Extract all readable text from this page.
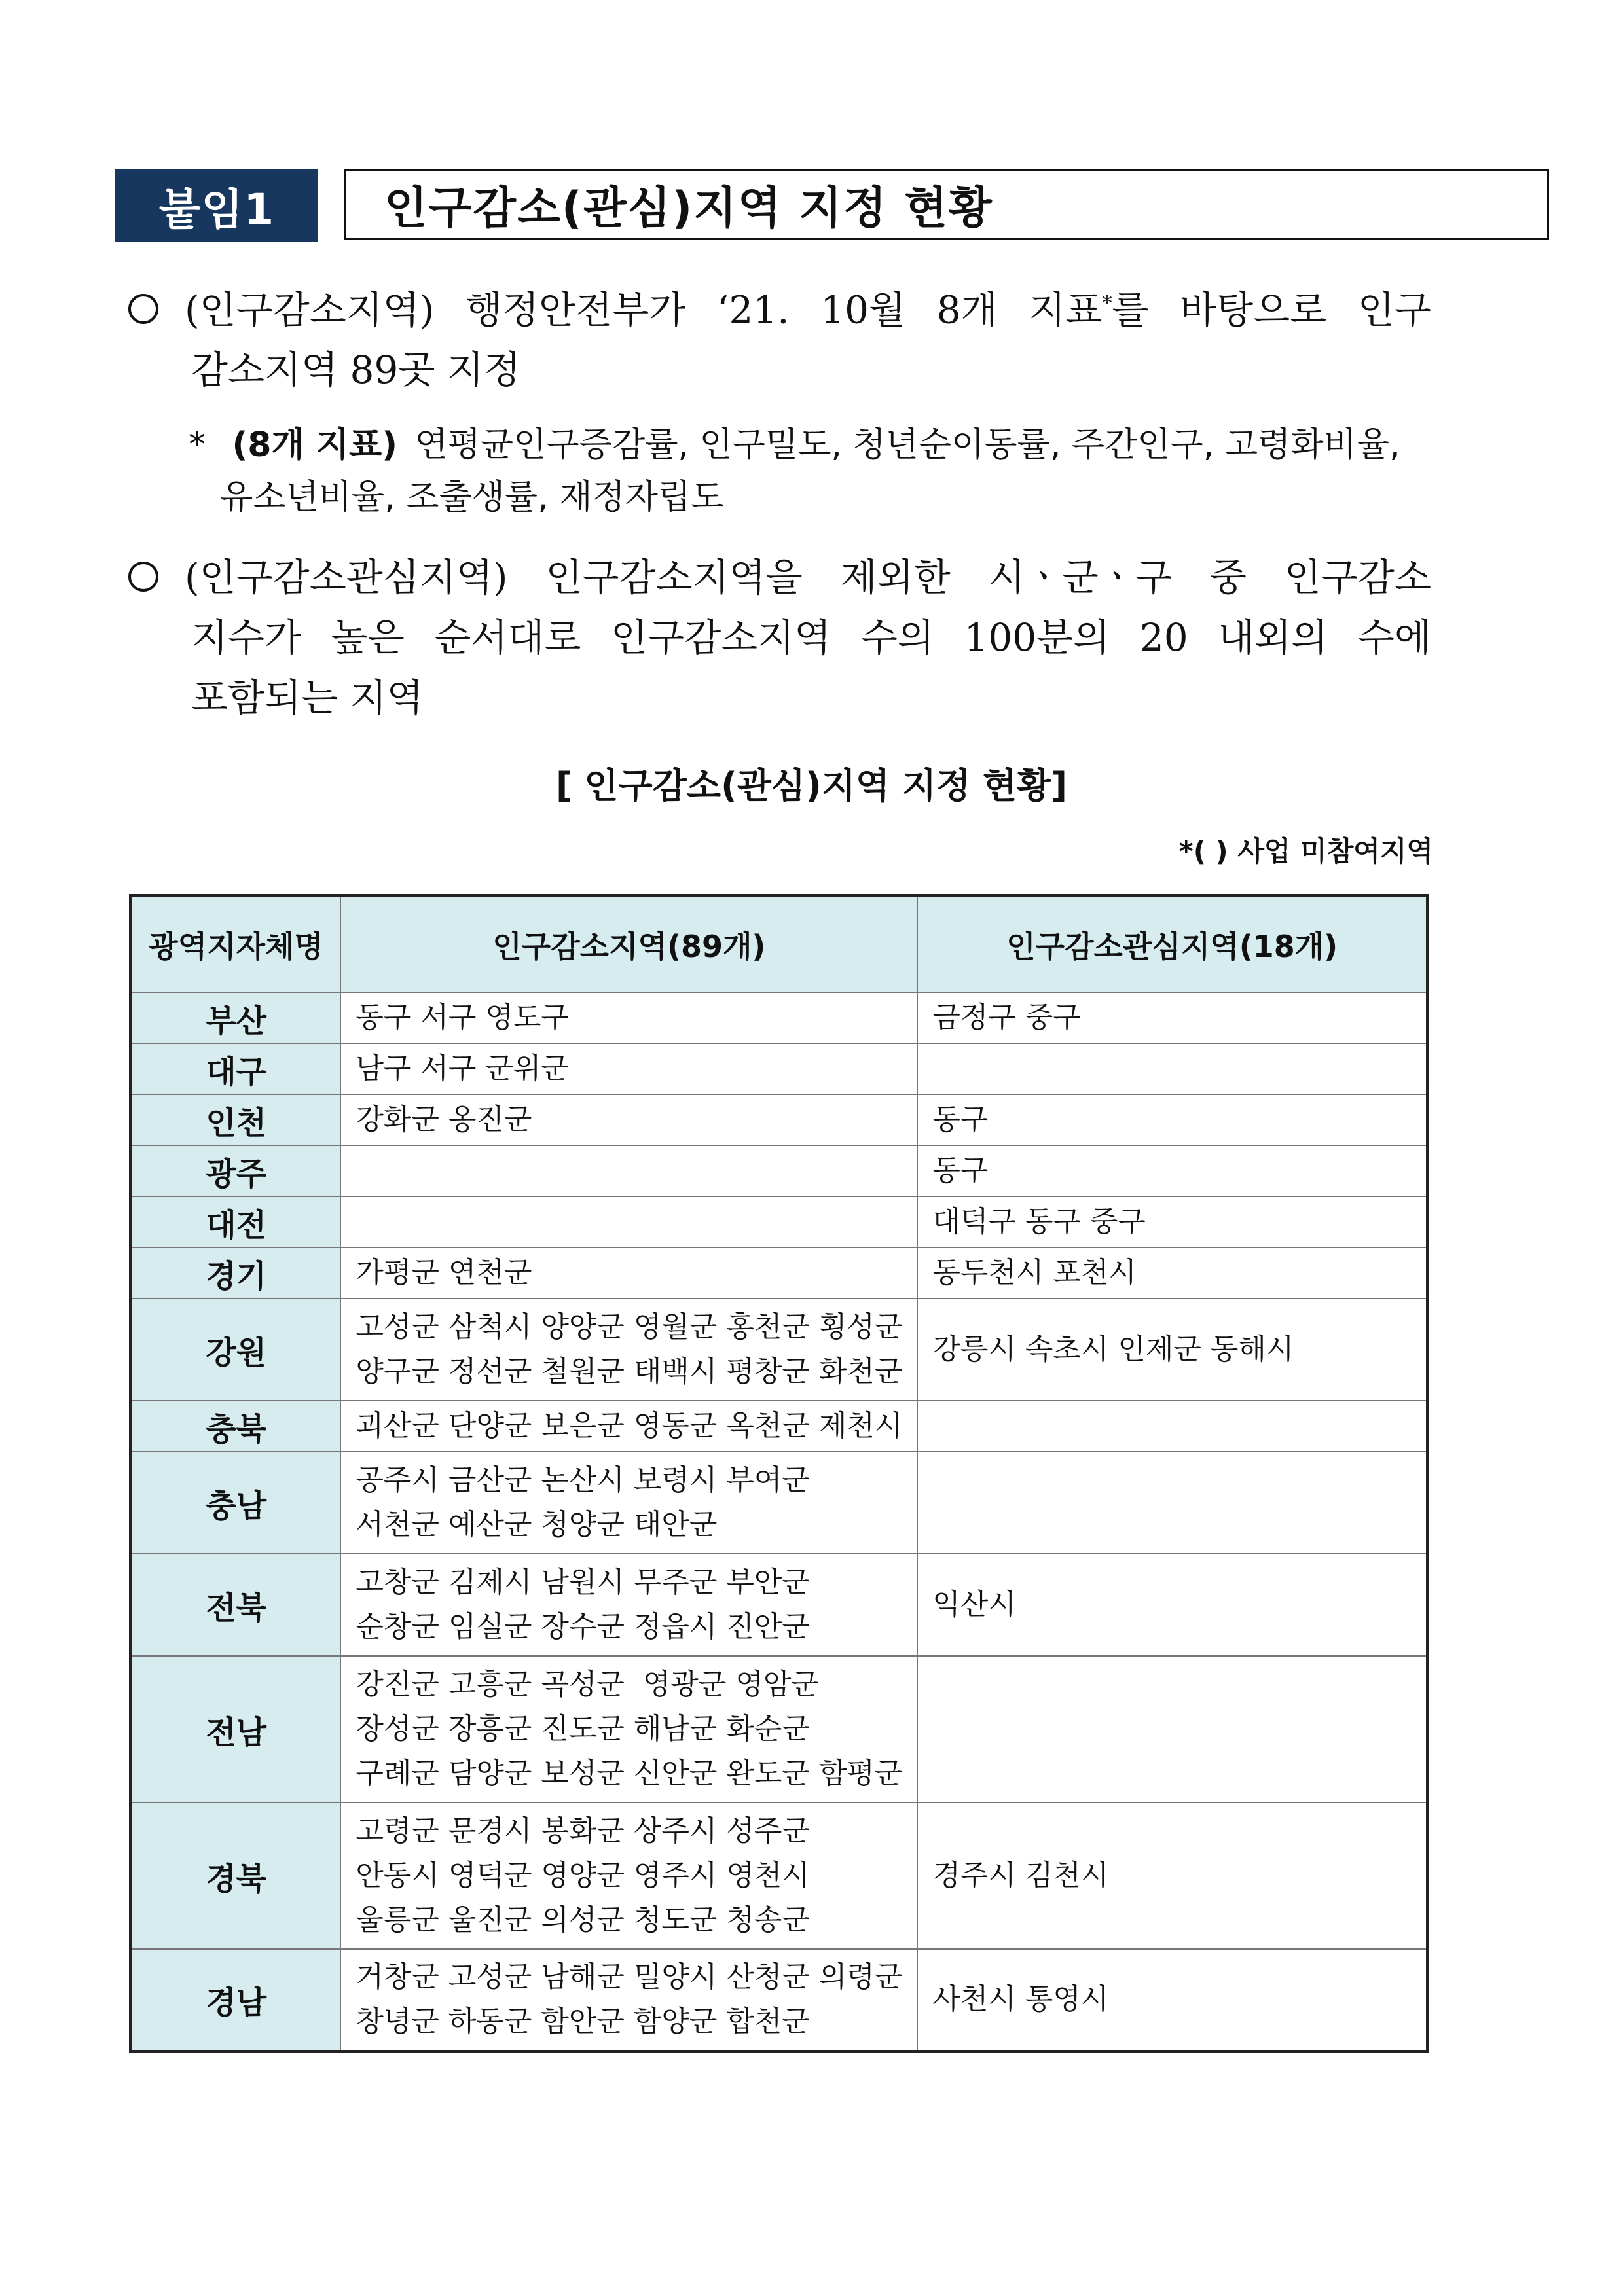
붙임1	인구감소(관심)지역 지정 현황
(인구감소지역) 행정안전부가 ‘21. 10월 8개 지표*를 바탕으로 인구
감소지역 89곳 지정
* (8개 지표) 연평균인구증감률, 인구밀도, 청년순이동률, 주간인구, 고령화비율,
유소년비율, 조출생률, 재정자립도
(인구감소관심지역) 인구감소지역을 제외한 시ㆍ군ㆍ구 중 인구감소
지수가 높은 순서대로 인구감소지역 수의 100분의 20 내외의 수에
포함되는 지역
[ 인구감소(관심)지역 지정 현황]
*( ) 사업 미참여지역
광역지자체명	인구감소지역(89개)	인구감소관심지역(18개)
부산	동구 서구 영도구	금정구 중구

대구	남구 서구 군위군	

인천	강화군 옹진군	동구

광주		동구

대전		대덕구 동구 중구

경기	가평군 연천군	동두천시 포천시

강원	고성군 삼척시 양양군 영월군 홍천군 횡성군
양구군 정선군 철원군 태백시 평창군 화천군	강릉시 속초시 인제군 동해시

충북	괴산군 단양군 보은군 영동군 옥천군 제천시	

충남	공주시 금산군 논산시 보령시 부여군
서천군 예산군 청양군 태안군	

전북	고창군 김제시 남원시 무주군 부안군
순창군 임실군 장수군 정읍시 진안군	익산시

전남	강진군 고흥군 곡성군  영광군 영암군
장성군 장흥군 진도군 해남군 화순군
구례군 담양군 보성군 신안군 완도군 함평군	

경북	고령군 문경시 봉화군 상주시 성주군
안동시 영덕군 영양군 영주시 영천시
울릉군 울진군 의성군 청도군 청송군	경주시 김천시

경남	거창군 고성군 남해군 밀양시 산청군 의령군
창녕군 하동군 함안군 함양군 합천군	사천시 통영시
